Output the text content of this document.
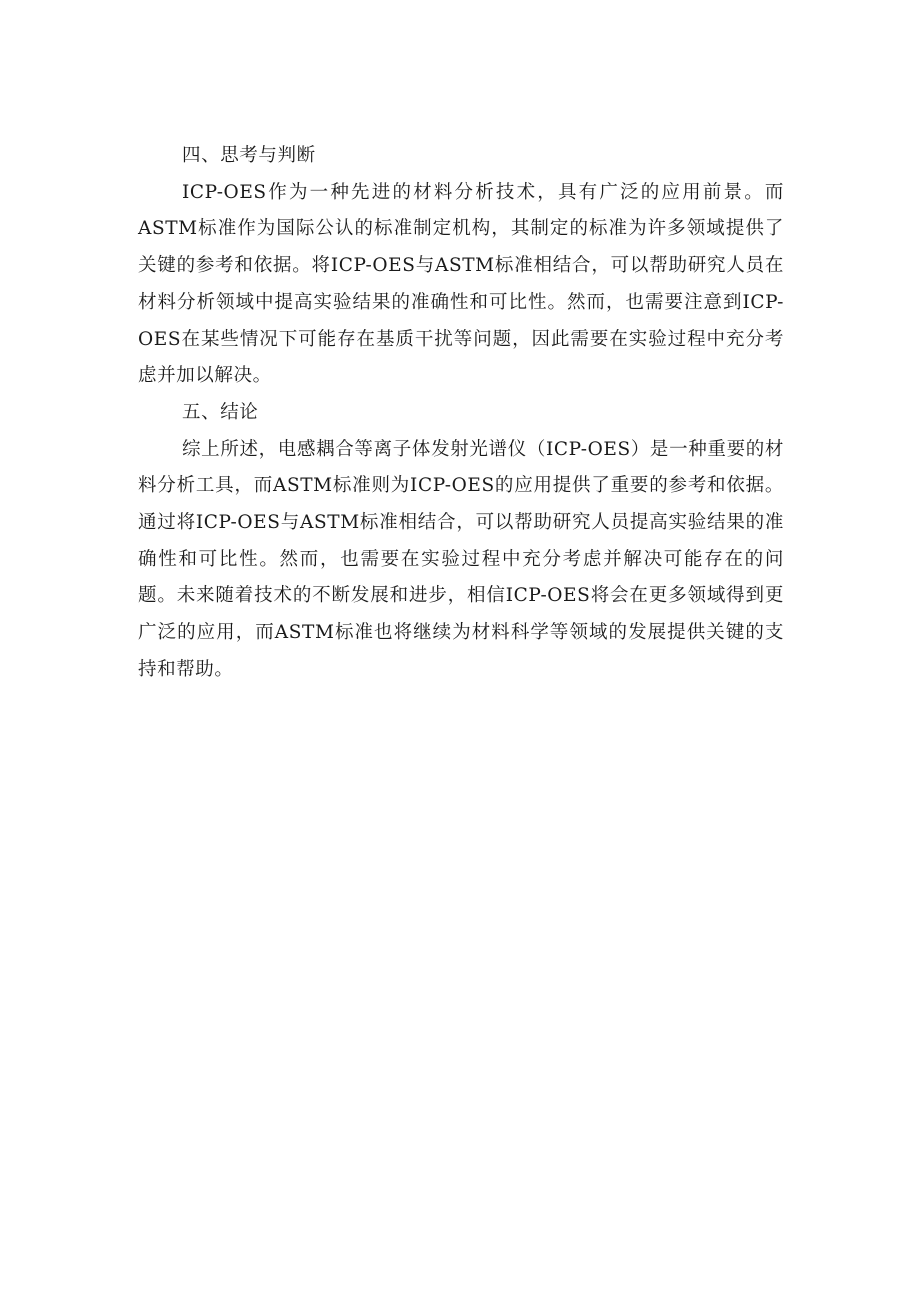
四、思考与判断

ICP-OES作为一种先进的材料分析技术，具有广泛的应用前景。而ASTM标准作为国际公认的标准制定机构，其制定的标准为许多领域提供了关键的参考和依据。将ICP-OES与ASTM标准相结合，可以帮助研究人员在材料分析领域中提高实验结果的准确性和可比性。然而，也需要注意到ICP-OES在某些情况下可能存在基质干扰等问题，因此需要在实验过程中充分考虑并加以解决。

五、结论

综上所述，电感耦合等离子体发射光谱仪（ICP-OES）是一种重要的材料分析工具，而ASTM标准则为ICP-OES的应用提供了重要的参考和依据。通过将ICP-OES与ASTM标准相结合，可以帮助研究人员提高实验结果的准确性和可比性。然而，也需要在实验过程中充分考虑并解决可能存在的问题。未来随着技术的不断发展和进步，相信ICP-OES将会在更多领域得到更广泛的应用，而ASTM标准也将继续为材料科学等领域的发展提供关键的支持和帮助。
